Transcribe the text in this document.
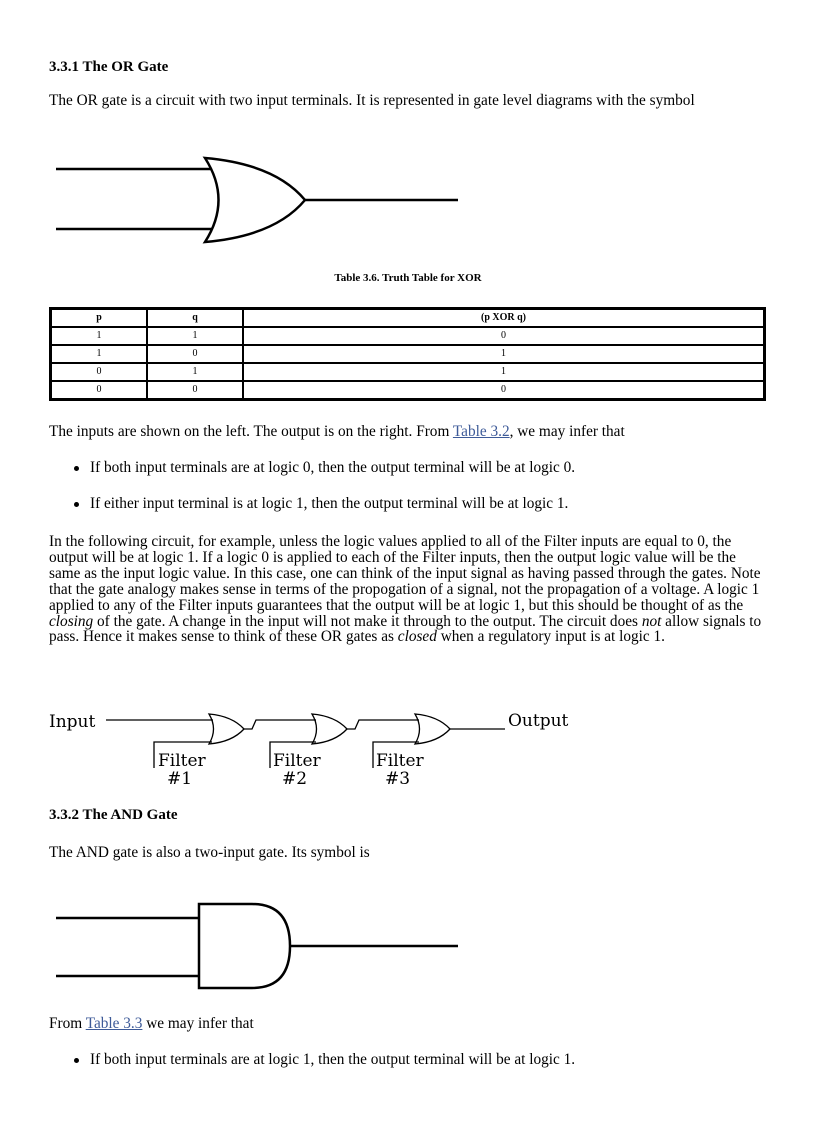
3.3.1 The OR Gate

The OR gate is a circuit with two input terminals. It is represented in gate level diagrams with the symbol

Table 3.6. Truth Table for XOR
p	q	(p XOR q)
1	1	0
1	0	1
0	1	1
0	0	0

The inputs are shown on the left. The output is on the right. From Table 3.2, we may infer that

If both input terminals are at logic 0, then the output terminal will be at logic 0.
If either input terminal is at logic 1, then the output terminal will be at logic 1.

In the following circuit, for example, unless the logic values applied to all of the Filter inputs are equal to 0, the output will be at logic 1. If a logic 0 is applied to each of the Filter inputs, then the output logic value will be the same as the input logic value. In this case, one can think of the input signal as having passed through the gates. Note that the gate analogy makes sense in terms of the propogation of a signal, not the propagation of a voltage. A logic 1 applied to any of the Filter inputs guarantees that the output will be at logic 1, but this should be thought of as the closing of the gate. A change in the input will not make it through to the output. The circuit does not allow signals to pass. Hence it makes sense to think of these OR gates as closed when a regulatory input is at logic 1.

Input	Output
Filter
#1
Filter
#2
Filter
#3
3.3.2 The AND Gate

The AND gate is also a two-input gate. Its symbol is

From Table 3.3 we may infer that

If both input terminals are at logic 1, then the output terminal will be at logic 1.
